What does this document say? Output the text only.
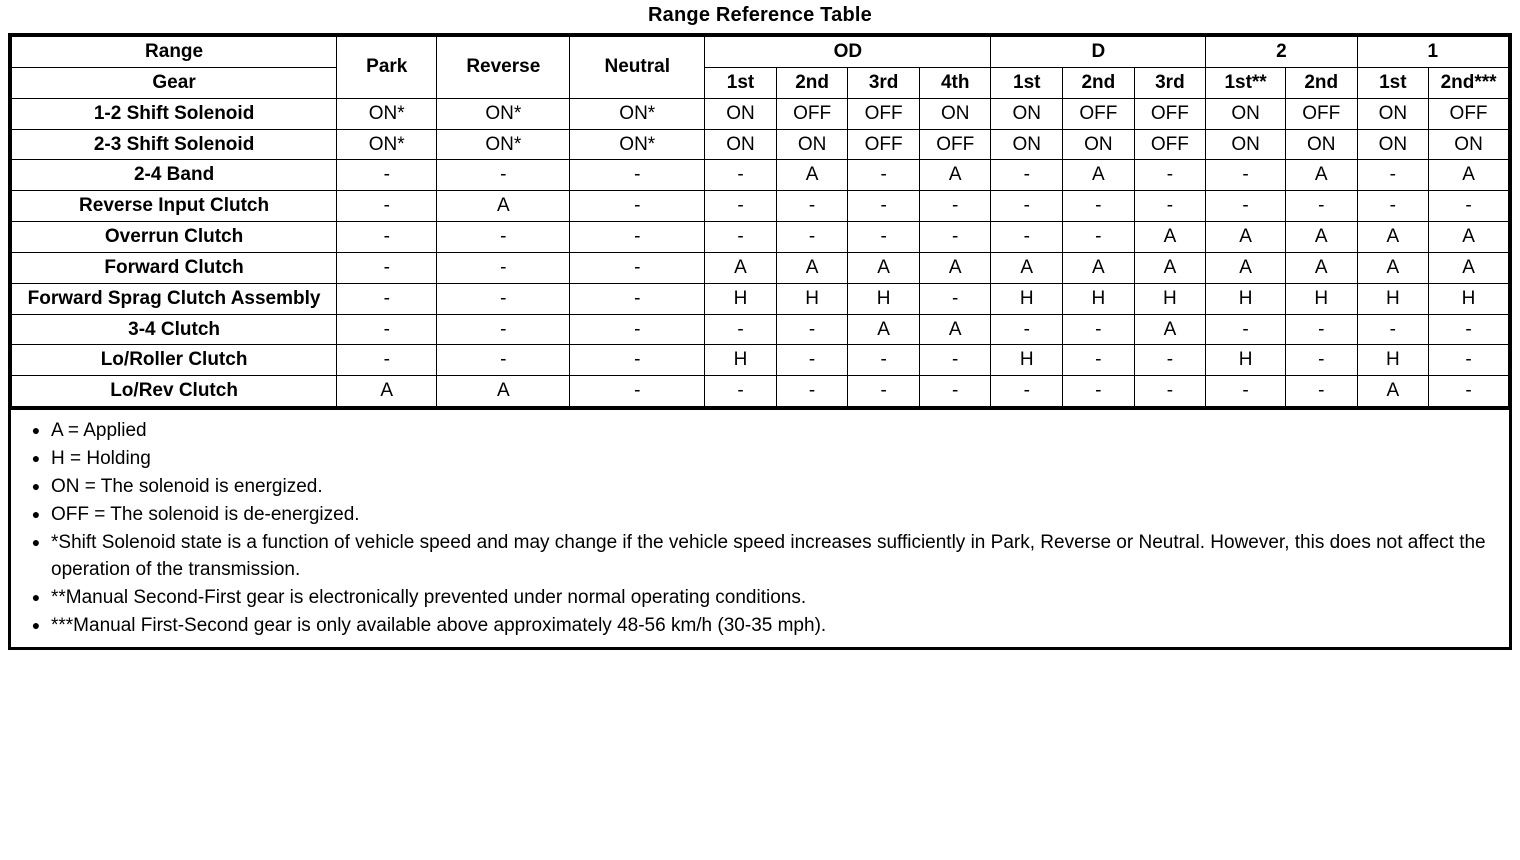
Range Reference Table
Range	Park	Reverse	Neutral	OD				D			2		1	
Gear				1st	2nd	3rd	4th	1st	2nd	3rd	1st**	2nd	1st	2nd***
1-2 Shift Solenoid	ON*	ON*	ON*	ON	OFF	OFF	ON	ON	OFF	OFF	ON	OFF	ON	OFF
2-3 Shift Solenoid	ON*	ON*	ON*	ON	ON	OFF	OFF	ON	ON	OFF	ON	ON	ON	ON
2-4 Band	-	-	-	-	A	-	A	-	A	-	-	A	-	A
Reverse Input Clutch	-	A	-	-	-	-	-	-	-	-	-	-	-	-
Overrun Clutch	-	-	-	-	-	-	-	-	-	A	A	A	A	A
Forward Clutch	-	-	-	A	A	A	A	A	A	A	A	A	A	A
Forward Sprag Clutch Assembly	-	-	-	H	H	H	-	H	H	H	H	H	H	H
3-4 Clutch	-	-	-	-	-	A	A	-	-	A	-	-	-	-
Lo/Roller Clutch	-	-	-	H	-	-	-	H	-	-	H	-	H	-
Lo/Rev Clutch	A	A	-	-	-	-	-	-	-	-	-	-	A	-
● A = Applied
● H = Holding
● ON = The solenoid is energized.
● OFF = The solenoid is de-energized.
● *Shift Solenoid state is a function of vehicle speed and may change if the vehicle speed increases sufficiently in Park, Reverse or Neutral. However, this does not affect the operation of the transmission.
● **Manual Second-First gear is electronically prevented under normal operating conditions.
● ***Manual First-Second gear is only available above approximately 48-56 km/h (30-35 mph).
